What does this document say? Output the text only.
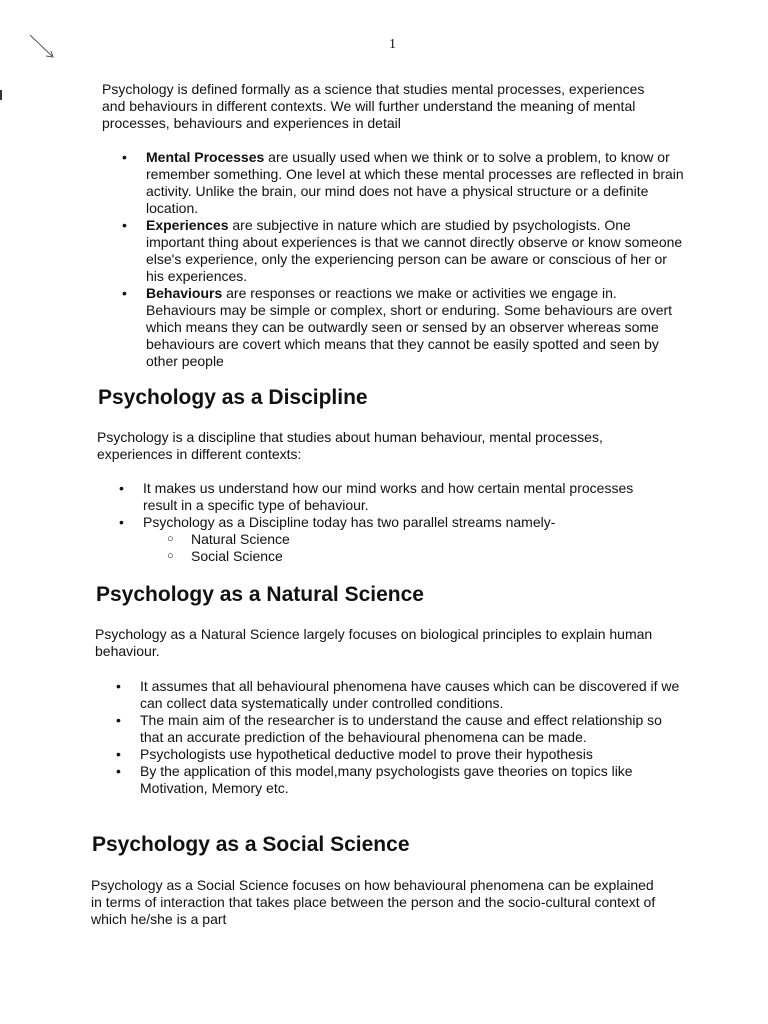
1

Psychology is defined formally as a science that studies mental processes, experiences and behaviours in different contexts. We will further understand the meaning of mental processes, behaviours and experiences in detail

• Mental Processes are usually used when we think or to solve a problem, to know or remember something. One level at which these mental processes are reflected in brain activity. Unlike the brain, our mind does not have a physical structure or a definite location.
• Experiences are subjective in nature which are studied by psychologists. One important thing about experiences is that we cannot directly observe or know someone else's experience, only the experiencing person can be aware or conscious of her or his experiences.
• Behaviours are responses or reactions we make or activities we engage in. Behaviours may be simple or complex, short or enduring. Some behaviours are overt which means they can be outwardly seen or sensed by an observer whereas some behaviours are covert which means that they cannot be easily spotted and seen by other people
Psychology as a Discipline

Psychology is a discipline that studies about human behaviour, mental processes, experiences in different contexts:

• It makes us understand how our mind works and how certain mental processes result in a specific type of behaviour.
• Psychology as a Discipline today has two parallel streams namely-
○ Natural Science
○ Social Science
Psychology as a Natural Science

Psychology as a Natural Science largely focuses on biological principles to explain human behaviour.

• It assumes that all behavioural phenomena have causes which can be discovered if we can collect data systematically under controlled conditions.
• The main aim of the researcher is to understand the cause and effect relationship so that an accurate prediction of the behavioural phenomena can be made.
• Psychologists use hypothetical deductive model to prove their hypothesis
• By the application of this model,many psychologists gave theories on topics like Motivation, Memory etc.
Psychology as a Social Science

Psychology as a Social Science focuses on how behavioural phenomena can be explained in terms of interaction that takes place between the person and the socio-cultural context of which he/she is a part
